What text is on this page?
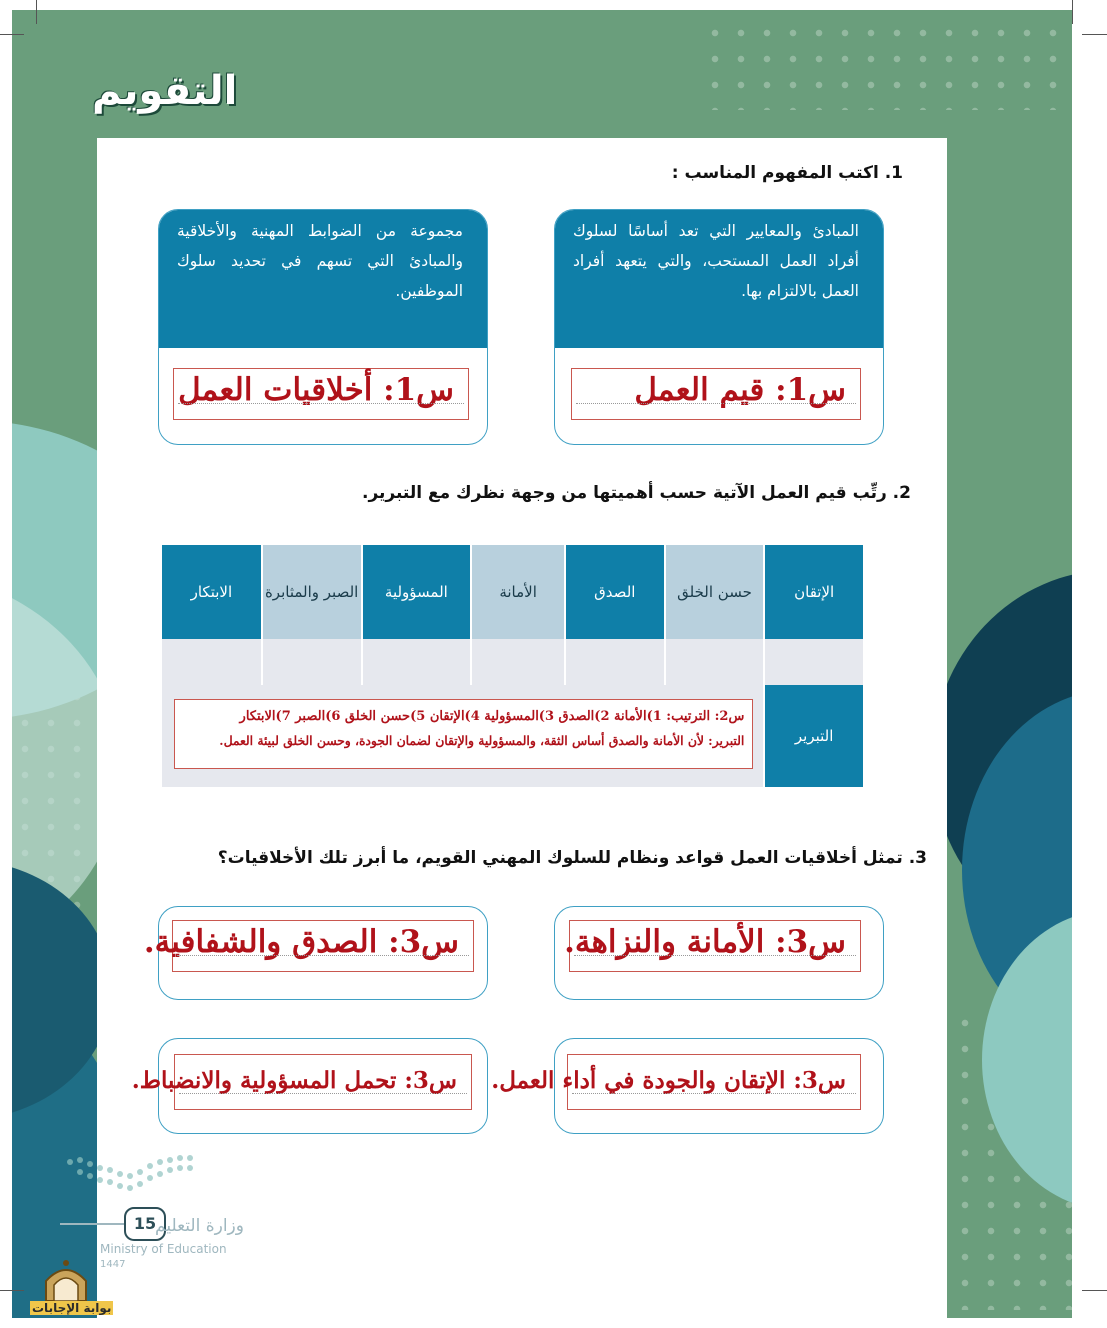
التقويم
1. اكتب المفهوم المناسب :
المبادئ والمعايير التي تعد أساسًا لسلوك أفراد العمل المستحب، والتي يتعهد أفراد العمل بالالتزام بها.
س1: قيم العمل
مجموعة من الضوابط المهنية والأخلاقية والمبادئ التي تسهم في تحديد سلوك الموظفين.
س1: أخلاقيات العمل
2. رتِّب قيم العمل الآتية حسب أهميتها من وجهة نظرك مع التبرير.
الإتقان	حسن الخلق	الصدق	الأمانة	المسؤولية	الصبر والمثابرة	الابتكار

التبرير	س2: الترتيب: 1)الأمانة 2)الصدق 3)المسؤولية 4)الإتقان 5)حسن الخلق 6)الصبر 7)الابتكار
التبرير: لأن الأمانة والصدق أساس الثقة، والمسؤولية والإتقان لضمان الجودة، وحسن الخلق لبيئة العمل.					
3. تمثل أخلاقيات العمل قواعد ونظام للسلوك المهني القويم، ما أبرز تلك الأخلاقيات؟
س3: الأمانة والنزاهة.
س3: الصدق والشفافية.
س3: الإتقان والجودة في أداء العمل.
س3: تحمل المسؤولية والانضباط.
15
وزارة التعليم
Ministry of Education
1447
بوابة الإجابات
